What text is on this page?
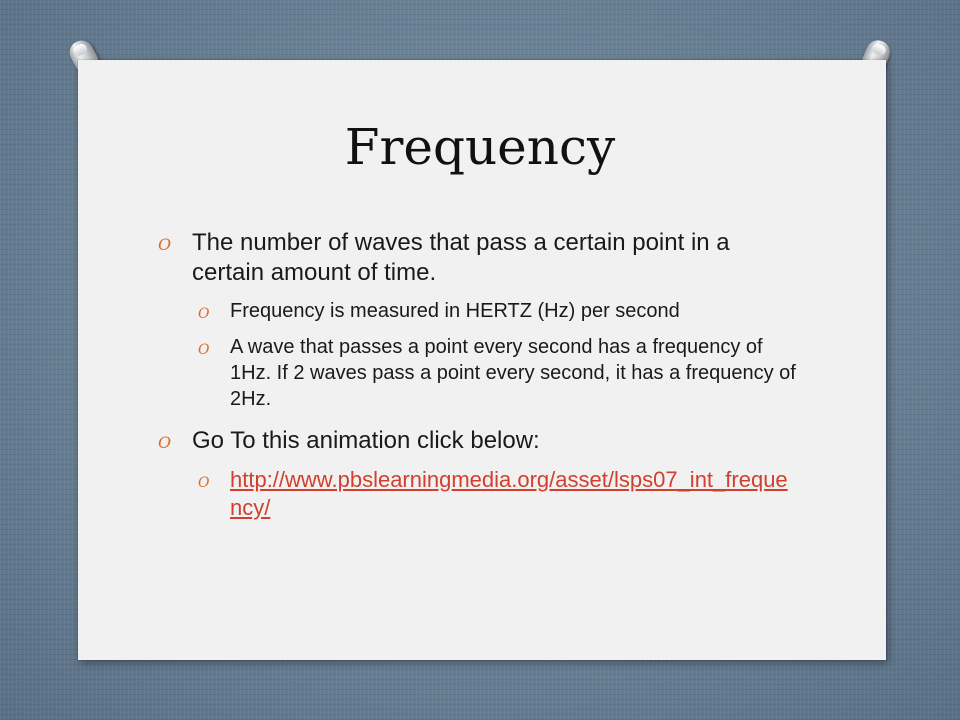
Frequency
O The number of waves that pass a certain point in a certain amount of time.
O Frequency is measured in HERTZ (Hz) per second
O A wave that passes a point every second has a frequency of 1Hz. If 2 waves pass a point every second, it has a frequency of 2Hz.
O Go To this animation click below:
O http://www.pbslearningmedia.org/asset/lsps07_int_frequency/
